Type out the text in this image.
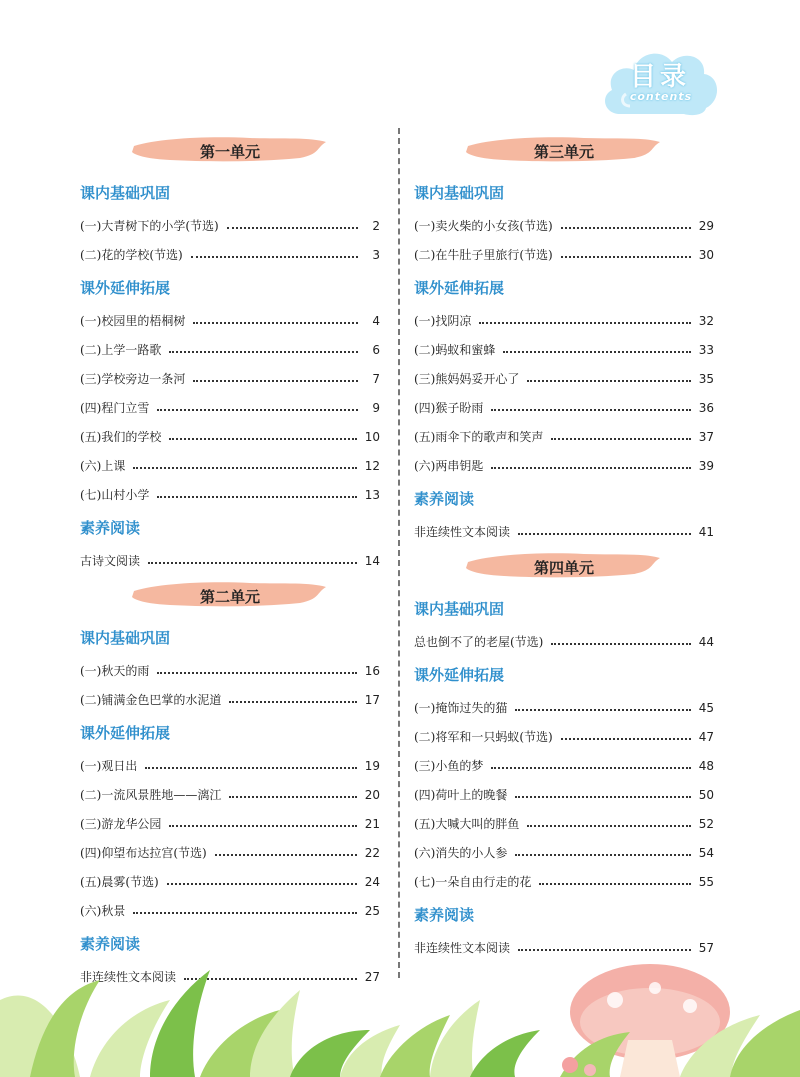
目录
contents
第一单元
课内基础巩固
(一)大青树下的小学(节选)	2
(二)花的学校(节选)	3
课外延伸拓展
(一)校园里的梧桐树	4
(二)上学一路歌	6
(三)学校旁边一条河	7
(四)程门立雪	9
(五)我们的学校	10
(六)上课	12
(七)山村小学	13
素养阅读
古诗文阅读	14
第二单元
课内基础巩固
(一)秋天的雨	16
(二)铺满金色巴掌的水泥道	17
课外延伸拓展
(一)观日出	19
(二)一流风景胜地——漓江	20
(三)游龙华公园	21
(四)仰望布达拉宫(节选)	22
(五)晨雾(节选)	24
(六)秋景	25
素养阅读
非连续性文本阅读	27
第三单元
课内基础巩固
(一)卖火柴的小女孩(节选)	29
(二)在牛肚子里旅行(节选)	30
课外延伸拓展
(一)找阴凉	32
(二)蚂蚁和蜜蜂	33
(三)熊妈妈妥开心了	35
(四)猴子盼雨	36
(五)雨伞下的歌声和笑声	37
(六)两串钥匙	39
素养阅读
非连续性文本阅读	41
第四单元
课内基础巩固
总也倒不了的老屋(节选)	44
课外延伸拓展
(一)掩饰过失的猫	45
(二)将军和一只蚂蚁(节选)	47
(三)小鱼的梦	48
(四)荷叶上的晚餐	50
(五)大喊大叫的胖鱼	52
(六)消失的小人参	54
(七)一朵自由行走的花	55
素养阅读
非连续性文本阅读	57
